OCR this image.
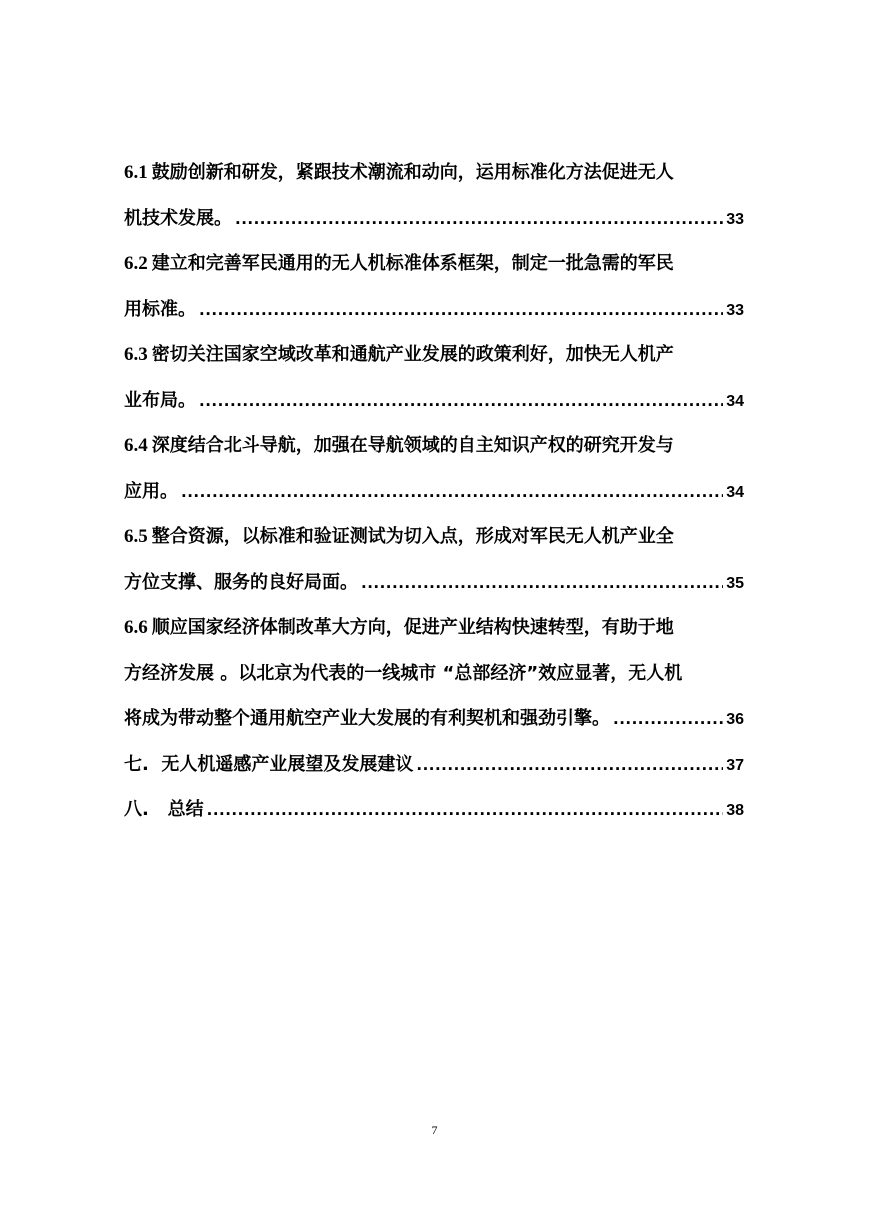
6.1 鼓励创新和研发，紧跟技术潮流和动向，运用标准化方法促进无人
机技术发展。 .....	33
6.2 建立和完善军民通用的无人机标准体系框架，制定一批急需的军民
用标准。 .....	33
6.3 密切关注国家空域改革和通航产业发展的政策利好，加快无人机产
业布局。 .....	34
6.4 深度结合北斗导航，加强在导航领域的自主知识产权的研究开发与
应用。 .....	34
6.5 整合资源，以标准和验证测试为切入点，形成对军民无人机产业全
方位支撑、服务的良好局面。 .....	35
6.6 顺应国家经济体制改革大方向，促进产业结构快速转型，有助于地
方经济发展 。以北京为代表的一线城市 “总部经济”效应显著，无人机
将成为带动整个通用航空产业大发展的有利契机和强劲引擎。 .....	36
七.  无人机遥感产业展望及发展建议 .....	37
八.   总结 .....	38
7
